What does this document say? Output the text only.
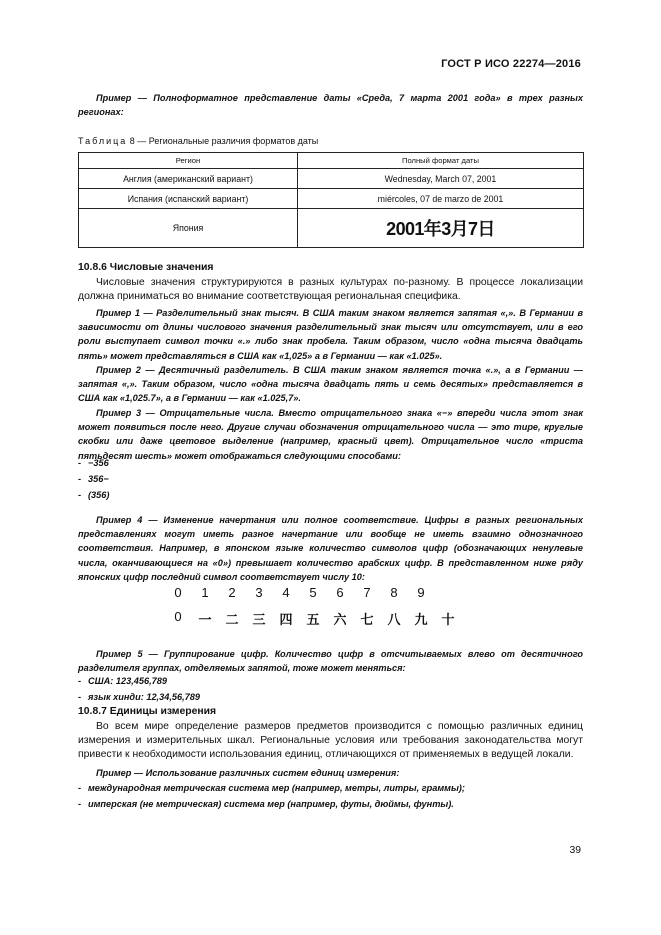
ГОСТ Р ИСО 22274—2016
Пример — Полноформатное представление даты «Среда, 7 марта 2001 года» в трех разных регионах:
Таблица 8 — Региональные различия форматов даты
Регион	Полный формат даты
Англия (американский вариант)	Wednesday, March 07, 2001
Испания (испанский вариант)	miércoles, 07 de marzo de 2001
Япония	2001年3月7日
10.8.6 Числовые значения
Числовые значения структурируются в разных культурах по-разному. В процессе локализации должна приниматься во внимание соответствующая региональная специфика.
Пример 1 — Разделительный знак тысяч. В США таким знаком является запятая «,». В Германии в зависимости от длины числового значения разделительный знак тысяч или отсутствует, или в его роли выступает символ точки «.» либо знак пробела. Таким образом, число «одна тысяча двадцать пять» может представляться в США как «1,025» а в Германии — как «1.025».
Пример 2 — Десятичный разделитель. В США таким знаком является точка «.», а в Германии — запятая «,». Таким образом, число «одна тысяча двадцать пять и семь десятых» представляется в США как «1,025.7», а в Германии — как «1.025,7».
Пример 3 — Отрицательные числа. Вместо отрицательного знака «−» впереди числа этот знак может появиться после него. Другие случаи обозначения отрицательного числа — это тире, круглые скобки или даже цветовое выделение (например, красный цвет). Отрицательное число «триста пятьдесят шесть» может отображаться следующими способами:
- −356
- 356−
- (356)
Пример 4 — Изменение начертания или полное соответствие. Цифры в разных региональных представлениях могут иметь разное начертание или вообще не иметь взаимно однозначного соответствия. Например, в японском языке количество символов цифр (обозначающих ненулевые числа, оканчивающиеся на «0») превышает количество арабских цифр. В представленном ниже ряду японских цифр последний символ соответствует числу 10:
0	1	2	3	4	5	6	7	8	9
0	一 二 三 四 五 六 七 八 九 十
Пример 5 — Группирование цифр. Количество цифр в отсчитываемых влево от десятичного разделителя группах, отделяемых запятой, тоже может меняться:
- США: 123,456,789
- язык хинди: 12,34,56,789
10.8.7 Единицы измерения
Во всем мире определение размеров предметов производится с помощью различных единиц измерения и измерительных шкал. Региональные условия или требования законодательства могут привести к необходимости использования единиц, отличающихся от применяемых в ведущей локали.
Пример — Использование различных систем единиц измерения:
- международная метрическая система мер (например, метры, литры, граммы);
- имперская (не метрическая) система мер (например, футы, дюймы, фунты).
39
